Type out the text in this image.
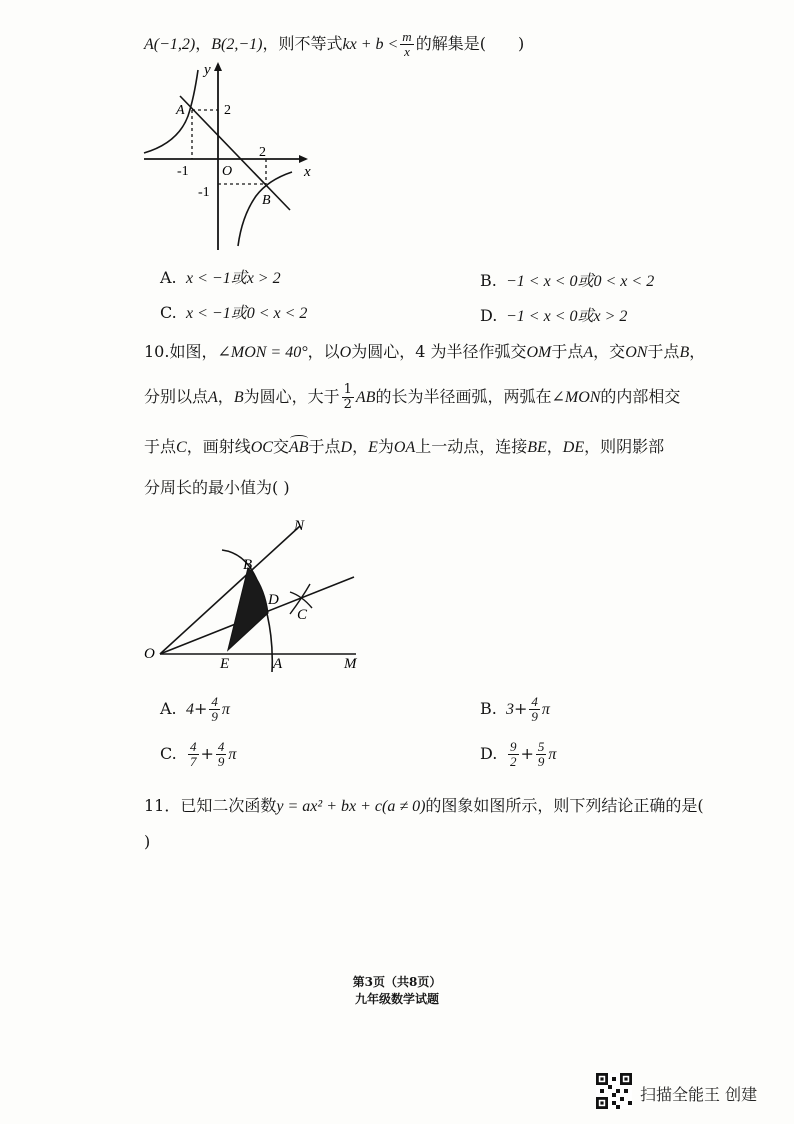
A(−1,2)，B(2,−1)，则不等式kx + $b < \frac{m}{x}$ 的解集是(　　)
y
x
O
A
B
2
-1
2
-1
A. x < −1或x > 2	B. −1 < x < 0或0 < x < 2
C. x < −1或0 < x < 2	D. −1 < x < 0或x > 2
10.如图，∠MON = 40°，以O为圆心，4 为半径作弧交OM于点A，交ON于点B，
分别以点A，B为圆心，大于 $\frac{1}{2}$ AB的长为半径画弧，两弧在∠MON的内部相交
于点C，画射线OC交AB于点D，E为OA上一动点，连接BE，DE，则阴影部
分周长的最小值为( )
O
E	A	M
N
B
D
C
A. $4+ \frac{4}{9}$ π	B. $3+ \frac{4}{9}$ π
C. $\frac{4}{7} + \frac{4}{9}$ π	D. $\frac{9}{2} + \frac{5}{9}$ π
11．已知二次函数y = ax² + bx + c(a ≠ 0)的图象如图所示，则下列结论正确的是(
)
第3页（共8页）
九年级数学试题
扫描全能王 创建
